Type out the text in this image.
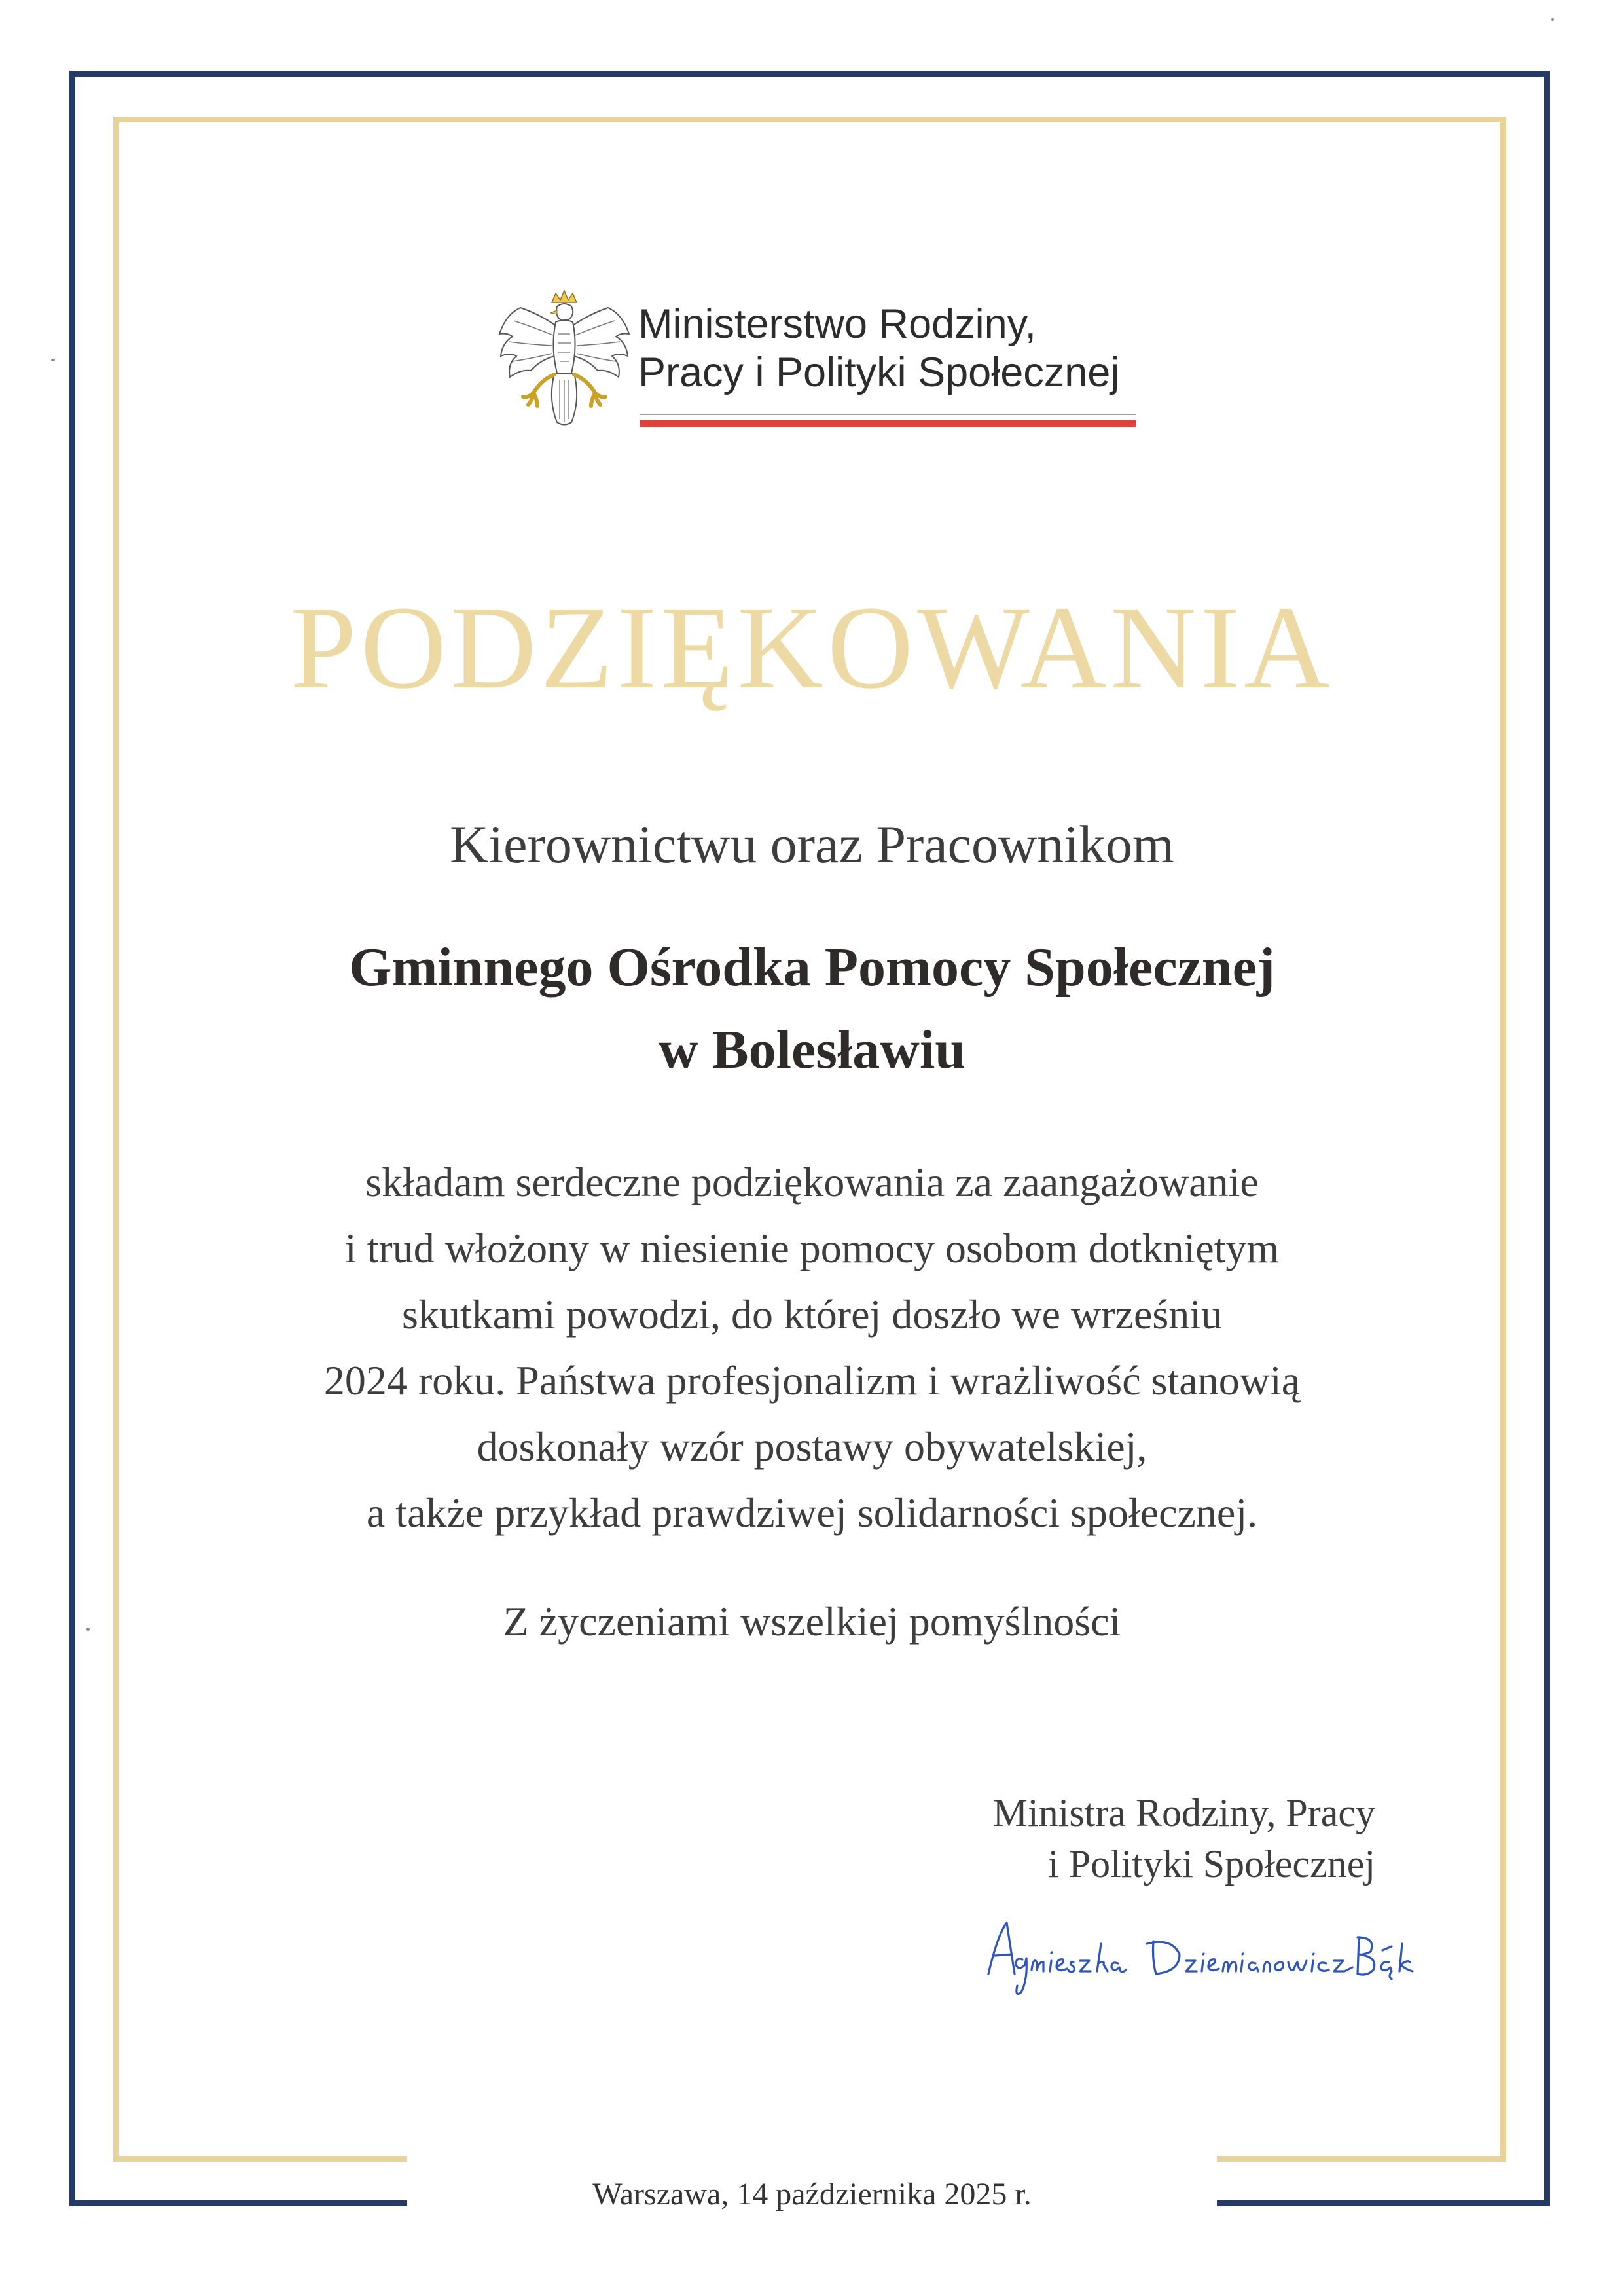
Ministerstwo Rodziny,
Pracy i Polityki Społecznej
PODZIĘKOWANIA
Kierownictwu oraz Pracownikom
Gminnego Ośrodka Pomocy Społecznej
w Bolesławiu
składam serdeczne podziękowania za zaangażowanie
i trud włożony w niesienie pomocy osobom dotkniętym
skutkami powodzi, do której doszło we wrześniu
2024 roku. Państwa profesjonalizm i wrażliwość stanowią
doskonały wzór postawy obywatelskiej,
a także przykład prawdziwej solidarności społecznej.
Z życzeniami wszelkiej pomyślności
Ministra Rodziny, Pracy
i Polityki Społecznej
Warszawa, 14 października 2025 r.
